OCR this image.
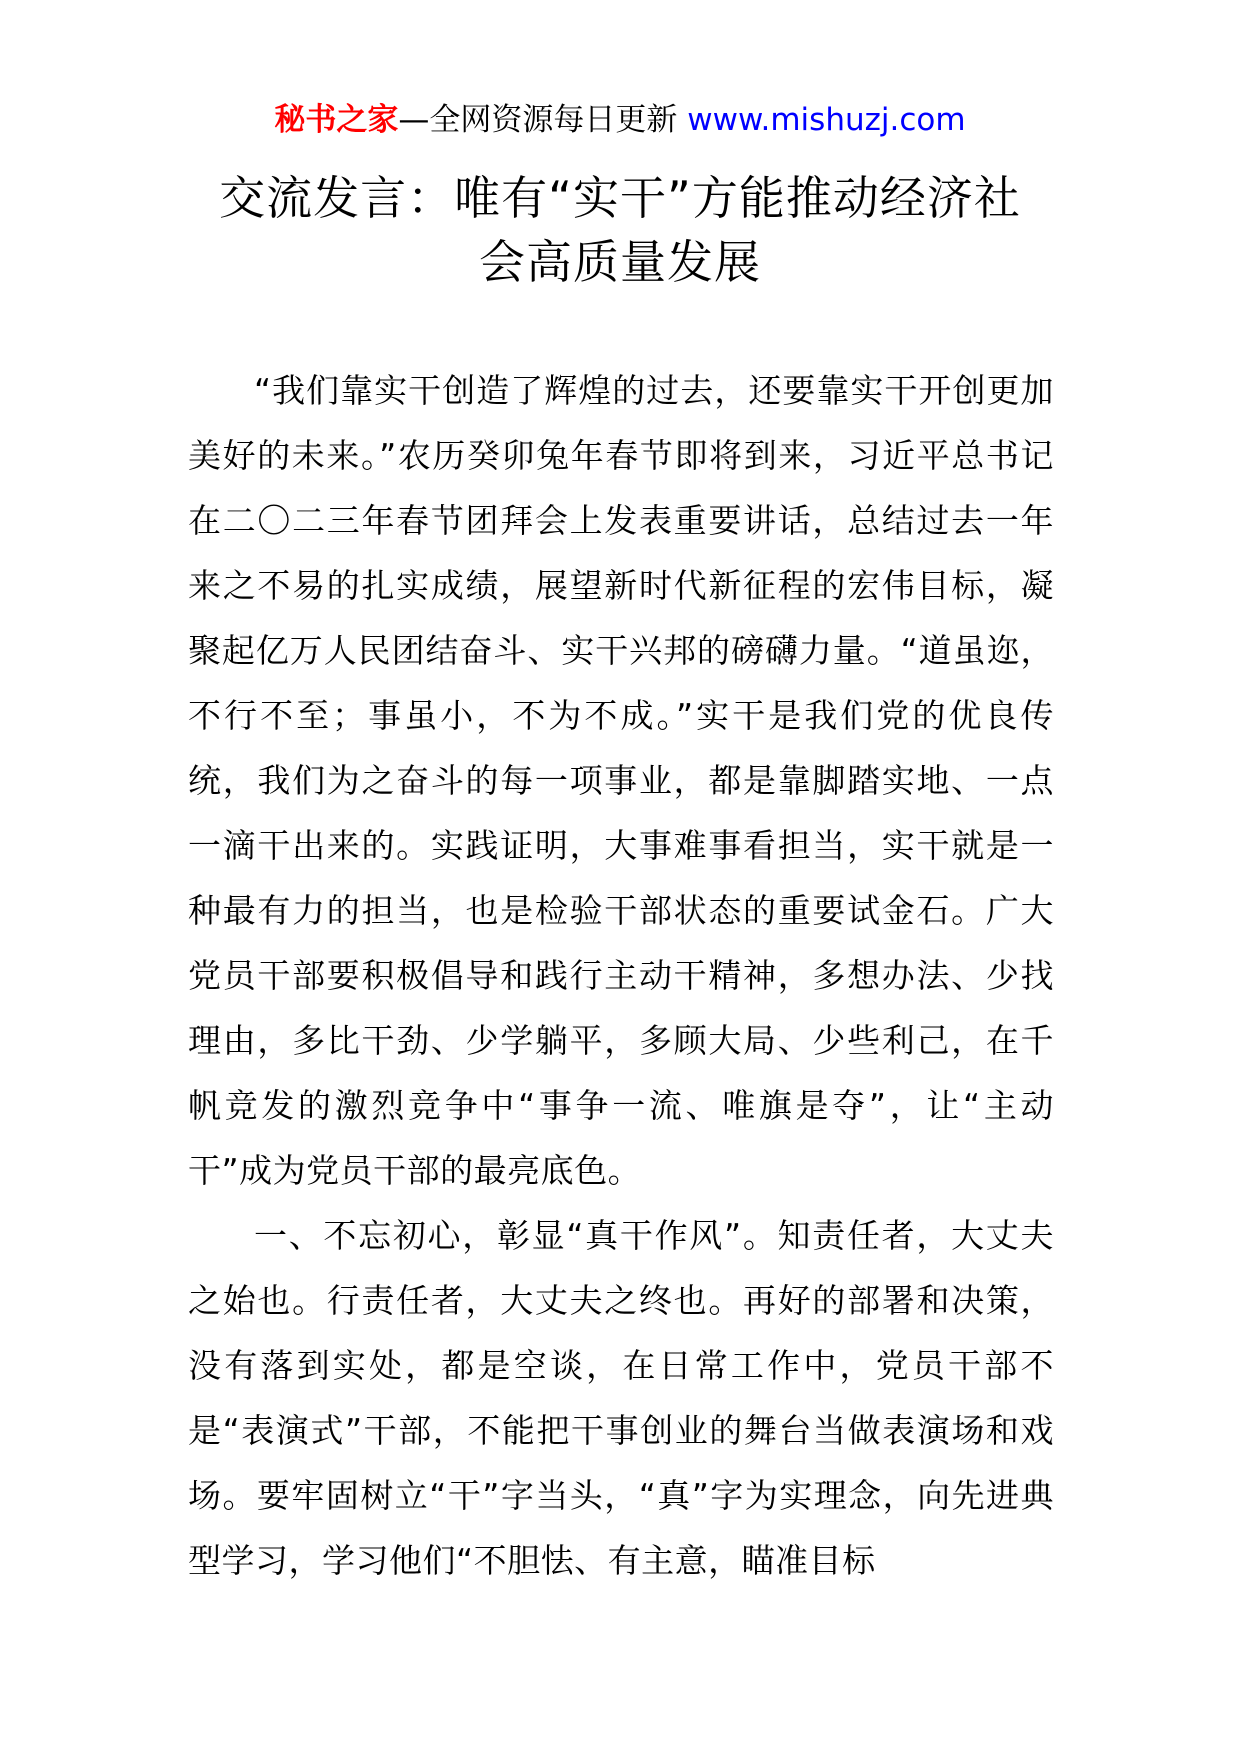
秘书之家—全网资源每日更新 www.mishuzj.com
交流发言：唯有“实干”方能推动经济社
会高质量发展

“我们靠实干创造了辉煌的过去，还要靠实干开创更加美好的未来。”农历癸卯兔年春节即将到来，习近平总书记在二〇二三年春节团拜会上发表重要讲话，总结过去一年来之不易的扎实成绩，展望新时代新征程的宏伟目标，凝聚起亿万人民团结奋斗、实干兴邦的磅礴力量。“道虽迩，不行不至；事虽小，不为不成。”实干是我们党的优良传统，我们为之奋斗的每一项事业，都是靠脚踏实地、一点一滴干出来的。实践证明，大事难事看担当，实干就是一种最有力的担当，也是检验干部状态的重要试金石。广大党员干部要积极倡导和践行主动干精神，多想办法、少找理由，多比干劲、少学躺平，多顾大局、少些利己，在千帆竞发的激烈竞争中“事争一流、唯旗是夺”，让“主动干”成为党员干部的最亮底色。

一、不忘初心，彰显“真干作风”。知责任者，大丈夫之始也。行责任者，大丈夫之终也。再好的部署和决策，没有落到实处，都是空谈，在日常工作中，党员干部不是“表演式”干部，不能把干事创业的舞台当做表演场和戏场。要牢固树立“干”字当头，“真”字为实理念，向先进典型学习，学习他们“不胆怯、有主意，瞄准目标
